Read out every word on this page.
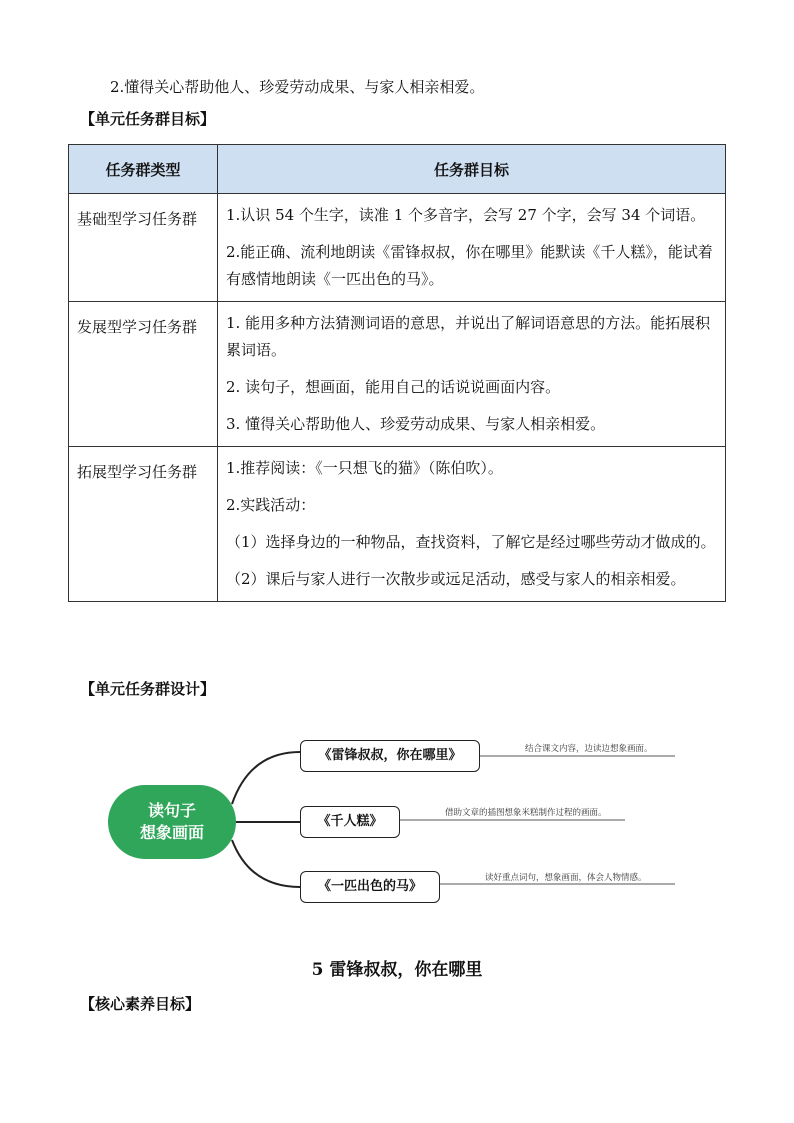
2.懂得关心帮助他人、珍爱劳动成果、与家人相亲相爱。
【单元任务群目标】
任务群类型	任务群目标
基础型学习任务群	1.认识 54 个生字，读准 1 个多音字，会写 27 个字，会写 34 个词语。

2.能正确、流利地朗读《雷锋叔叔，你在哪里》能默读《千人糕》，能试着有感情地朗读《一匹出色的马》。

发展型学习任务群	1. 能用多种方法猜测词语的意思，并说出了解词语意思的方法。能拓展积累词语。

2. 读句子，想画面，能用自己的话说说画面内容。

3. 懂得关心帮助他人、珍爱劳动成果、与家人相亲相爱。

拓展型学习任务群	1.推荐阅读：《一只想飞的猫》（陈伯吹）。

2.实践活动：

（1）选择身边的一种物品，查找资料，了解它是经过哪些劳动才做成的。

（2）课后与家人进行一次散步或远足活动，感受与家人的相亲相爱。

【单元任务群设计】
读句子
想象画面
《雷锋叔叔，你在哪里》	结合课文内容，边读边想象画面。
《千人糕》
借助文章的插图想象米糕制作过程的画面。
《一匹出色的马》
读好重点词句，想象画面，体会人物情感。
5 雷锋叔叔，你在哪里
【核心素养目标】
